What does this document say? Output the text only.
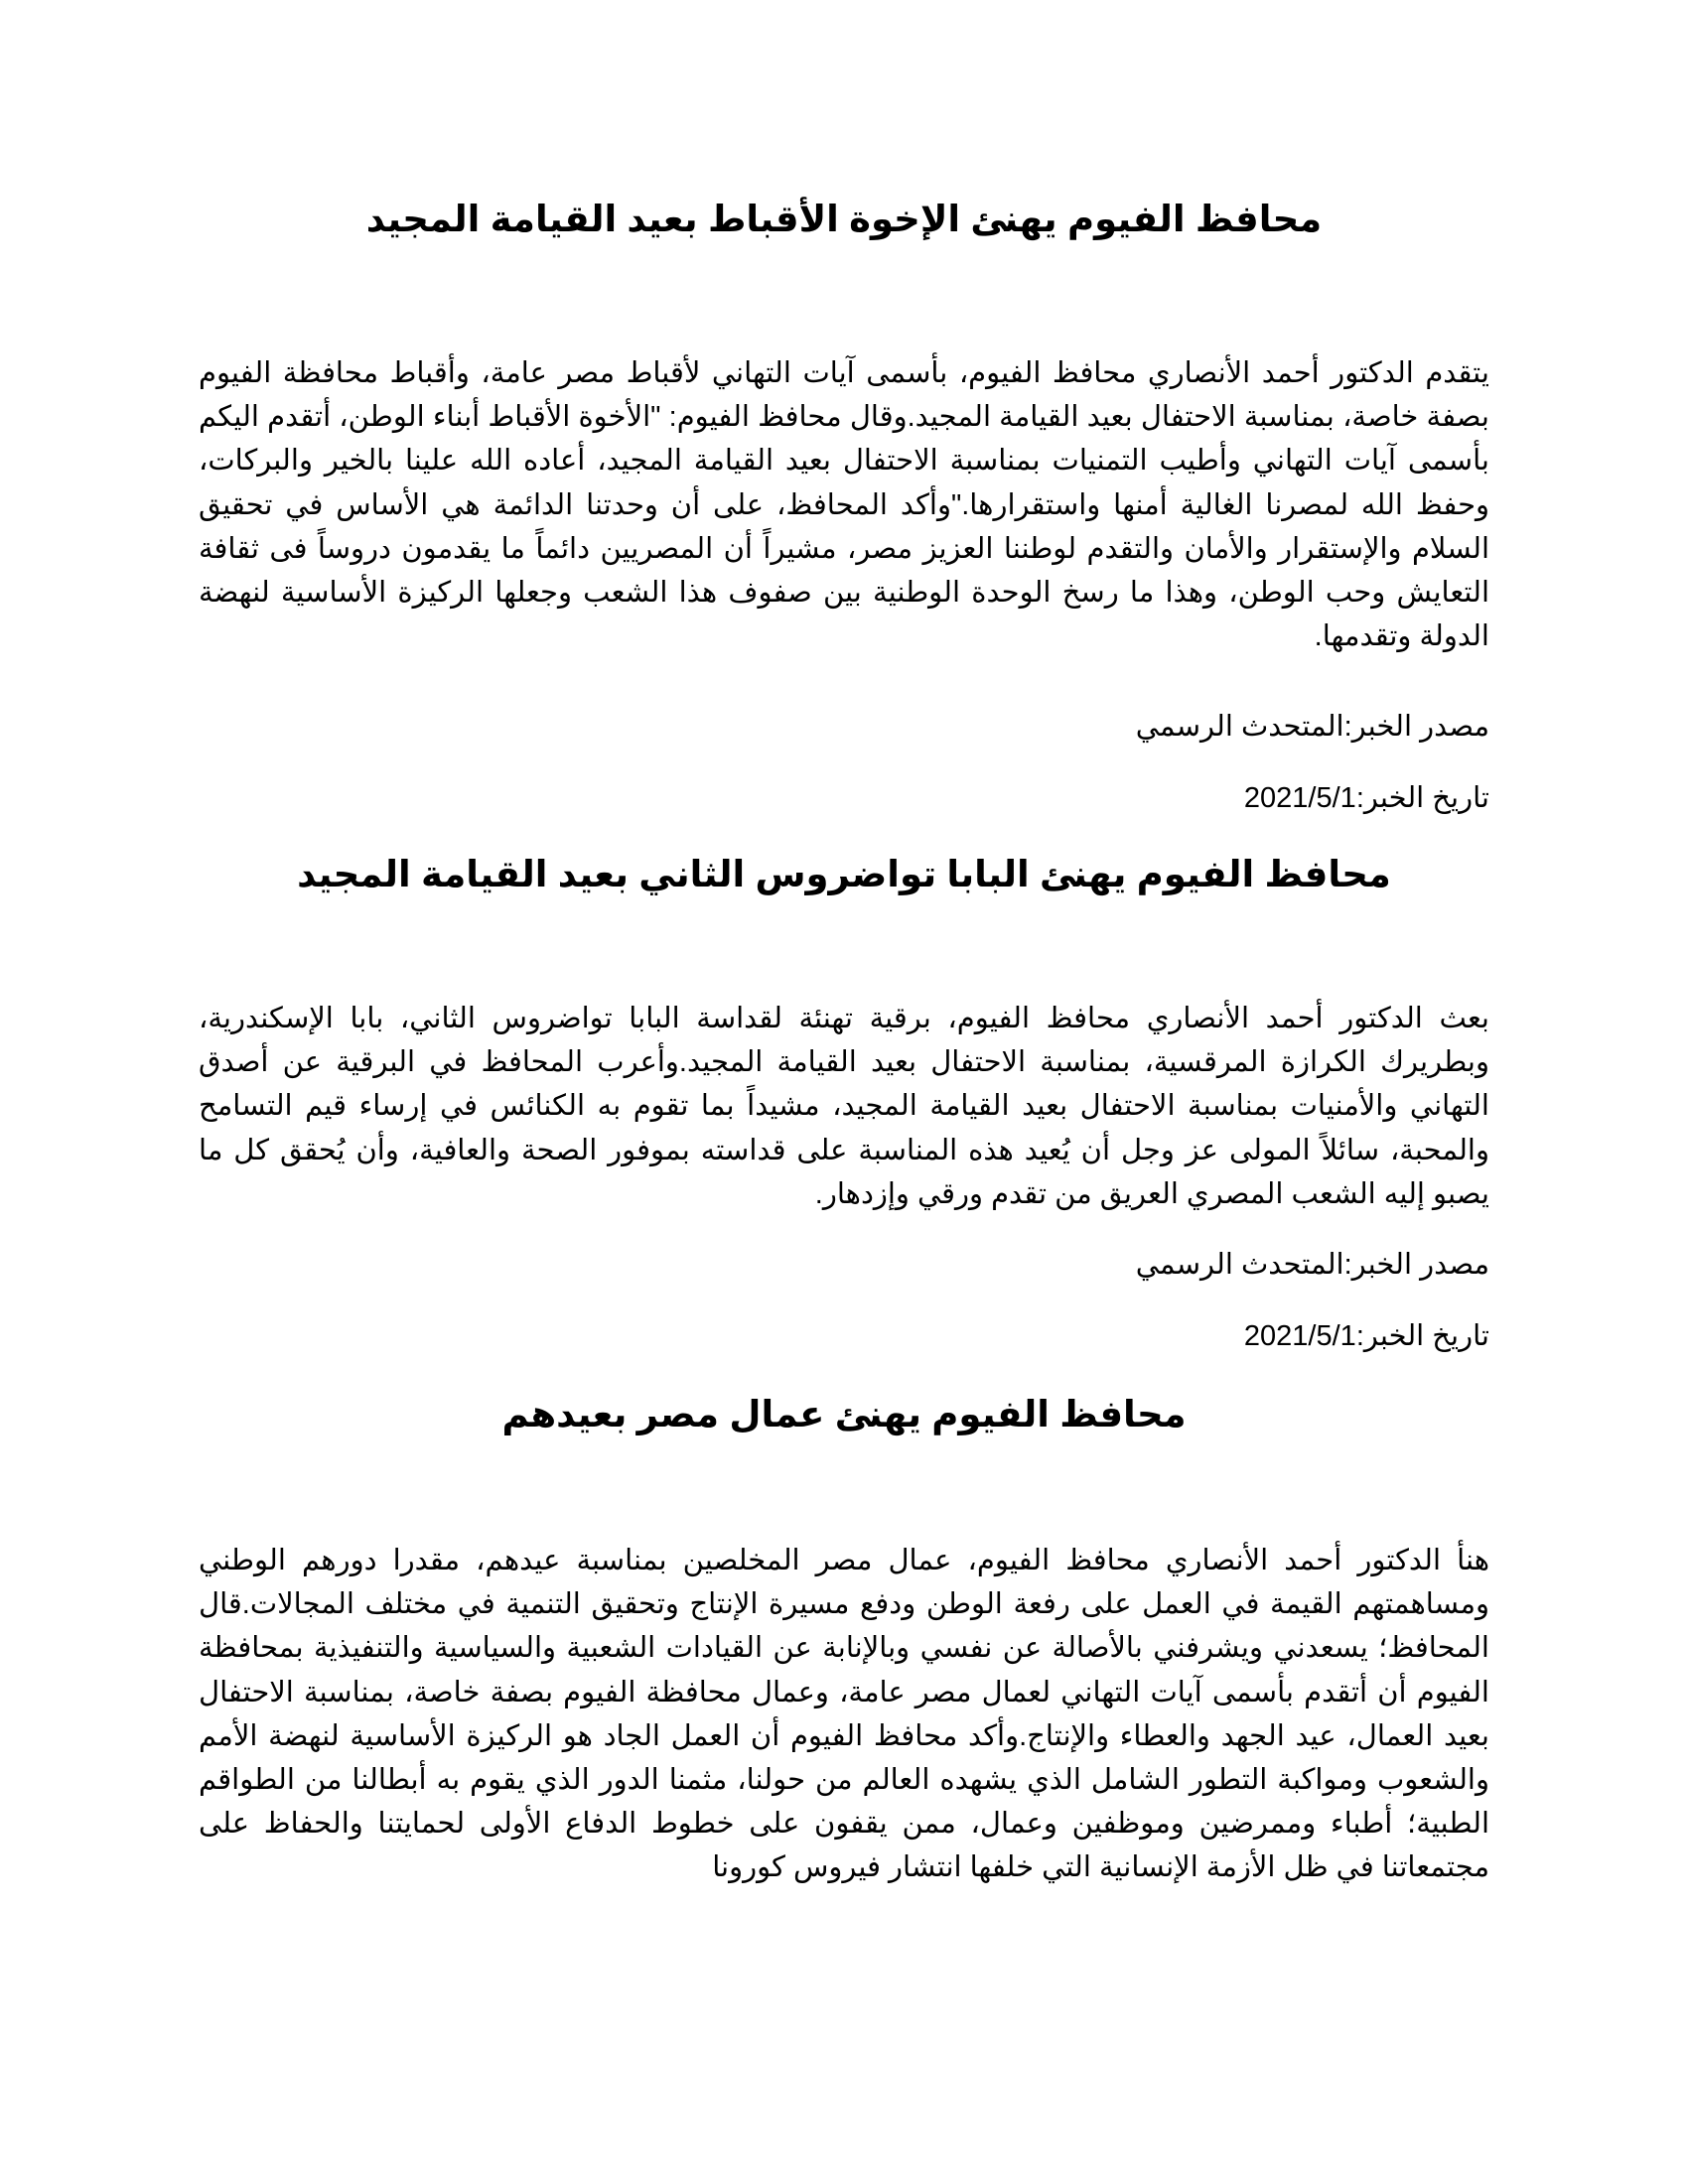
محافظ الفيوم يهنئ الإخوة الأقباط بعيد القيامة المجيد

يتقدم الدكتور أحمد الأنصاري محافظ الفيوم، بأسمى آيات التهاني لأقباط مصر عامة، وأقباط محافظة الفيوم بصفة خاصة، بمناسبة الاحتفال بعيد القيامة المجيد.وقال محافظ الفيوم: "الأخوة الأقباط أبناء الوطن، أتقدم اليكم بأسمى آيات التهاني وأطيب التمنيات بمناسبة الاحتفال بعيد القيامة المجيد، أعاده الله علينا بالخير والبركات، وحفظ الله لمصرنا الغالية أمنها واستقرارها."وأكد المحافظ، على أن وحدتنا الدائمة هي الأساس في تحقيق السلام والإستقرار والأمان والتقدم لوطننا العزيز مصر، مشيراً أن المصريين دائماً ما يقدمون دروساً فى ثقافة التعايش وحب الوطن، وهذا ما رسخ الوحدة الوطنية بين صفوف هذا الشعب وجعلها الركيزة الأساسية لنهضة الدولة وتقدمها.

مصدر الخبر:المتحدث الرسمي
تاريخ الخبر:2021/5/1
محافظ الفيوم يهنئ البابا تواضروس الثاني بعيد القيامة المجيد

بعث الدكتور أحمد الأنصاري محافظ الفيوم، برقية تهنئة لقداسة البابا تواضروس الثاني، بابا الإسكندرية، وبطريرك الكرازة المرقسية، بمناسبة الاحتفال بعيد القيامة المجيد.وأعرب المحافظ في البرقية عن أصدق التهاني والأمنيات بمناسبة الاحتفال بعيد القيامة المجيد، مشيداً بما تقوم به الكنائس في إرساء قيم التسامح والمحبة، سائلاً المولى عز وجل أن يُعيد هذه المناسبة على قداسته بموفور الصحة والعافية، وأن يُحقق كل ما يصبو إليه الشعب المصري العريق من تقدم ورقي وإزدهار.

مصدر الخبر:المتحدث الرسمي
تاريخ الخبر:2021/5/1
محافظ الفيوم يهنئ عمال مصر بعيدهم

هنأ الدكتور أحمد الأنصاري محافظ الفيوم، عمال مصر المخلصين بمناسبة عيدهم، مقدرا دورهم الوطني ومساهمتهم القيمة في العمل على رفعة الوطن ودفع مسيرة الإنتاج وتحقيق التنمية في مختلف المجالات.قال المحافظ؛ يسعدني ويشرفني بالأصالة عن نفسي وبالإنابة عن القيادات الشعبية والسياسية والتنفيذية بمحافظة الفيوم أن أتقدم بأسمى آيات التهاني لعمال مصر عامة، وعمال محافظة الفيوم بصفة خاصة، بمناسبة الاحتفال بعيد العمال، عيد الجهد والعطاء والإنتاج.وأكد محافظ الفيوم أن العمل الجاد هو الركيزة الأساسية لنهضة الأمم والشعوب ومواكبة التطور الشامل الذي يشهده العالم من حولنا، مثمنا الدور الذي يقوم به أبطالنا من الطواقم الطبية؛ أطباء وممرضين وموظفين وعمال، ممن يقفون على خطوط الدفاع الأولى لحمايتنا والحفاظ على مجتمعاتنا في ظل الأزمة الإنسانية التي خلفها انتشار فيروس كورونا
